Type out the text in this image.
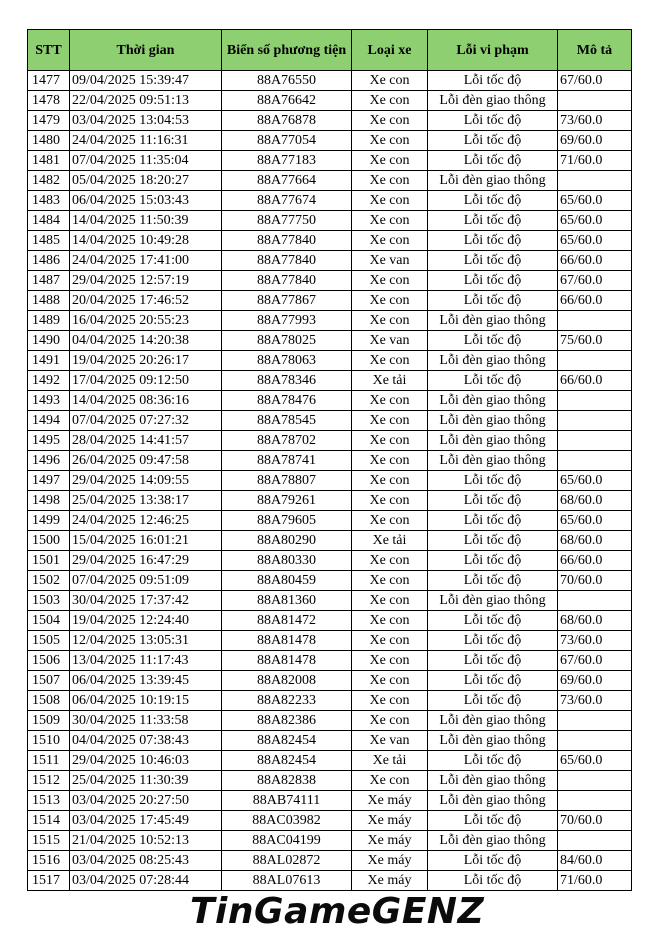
STT	Thời gian	Biển số phương tiện	Loại xe	Lỗi vi phạm	Mô tả
1477	09/04/2025 15:39:47	88A76550	Xe con	Lỗi tốc độ	67/60.0
1478	22/04/2025 09:51:13	88A76642	Xe con	Lỗi đèn giao thông	
1479	03/04/2025 13:04:53	88A76878	Xe con	Lỗi tốc độ	73/60.0
1480	24/04/2025 11:16:31	88A77054	Xe con	Lỗi tốc độ	69/60.0
1481	07/04/2025 11:35:04	88A77183	Xe con	Lỗi tốc độ	71/60.0
1482	05/04/2025 18:20:27	88A77664	Xe con	Lỗi đèn giao thông	
1483	06/04/2025 15:03:43	88A77674	Xe con	Lỗi tốc độ	65/60.0
1484	14/04/2025 11:50:39	88A77750	Xe con	Lỗi tốc độ	65/60.0
1485	14/04/2025 10:49:28	88A77840	Xe con	Lỗi tốc độ	65/60.0
1486	24/04/2025 17:41:00	88A77840	Xe van	Lỗi tốc độ	66/60.0
1487	29/04/2025 12:57:19	88A77840	Xe con	Lỗi tốc độ	67/60.0
1488	20/04/2025 17:46:52	88A77867	Xe con	Lỗi tốc độ	66/60.0
1489	16/04/2025 20:55:23	88A77993	Xe con	Lỗi đèn giao thông	
1490	04/04/2025 14:20:38	88A78025	Xe van	Lỗi tốc độ	75/60.0
1491	19/04/2025 20:26:17	88A78063	Xe con	Lỗi đèn giao thông	
1492	17/04/2025 09:12:50	88A78346	Xe tải	Lỗi tốc độ	66/60.0
1493	14/04/2025 08:36:16	88A78476	Xe con	Lỗi đèn giao thông	
1494	07/04/2025 07:27:32	88A78545	Xe con	Lỗi đèn giao thông	
1495	28/04/2025 14:41:57	88A78702	Xe con	Lỗi đèn giao thông	
1496	26/04/2025 09:47:58	88A78741	Xe con	Lỗi đèn giao thông	
1497	29/04/2025 14:09:55	88A78807	Xe con	Lỗi tốc độ	65/60.0
1498	25/04/2025 13:38:17	88A79261	Xe con	Lỗi tốc độ	68/60.0
1499	24/04/2025 12:46:25	88A79605	Xe con	Lỗi tốc độ	65/60.0
1500	15/04/2025 16:01:21	88A80290	Xe tải	Lỗi tốc độ	68/60.0
1501	29/04/2025 16:47:29	88A80330	Xe con	Lỗi tốc độ	66/60.0
1502	07/04/2025 09:51:09	88A80459	Xe con	Lỗi tốc độ	70/60.0
1503	30/04/2025 17:37:42	88A81360	Xe con	Lỗi đèn giao thông	
1504	19/04/2025 12:24:40	88A81472	Xe con	Lỗi tốc độ	68/60.0
1505	12/04/2025 13:05:31	88A81478	Xe con	Lỗi tốc độ	73/60.0
1506	13/04/2025 11:17:43	88A81478	Xe con	Lỗi tốc độ	67/60.0
1507	06/04/2025 13:39:45	88A82008	Xe con	Lỗi tốc độ	69/60.0
1508	06/04/2025 10:19:15	88A82233	Xe con	Lỗi tốc độ	73/60.0
1509	30/04/2025 11:33:58	88A82386	Xe con	Lỗi đèn giao thông	
1510	04/04/2025 07:38:43	88A82454	Xe van	Lỗi đèn giao thông	
1511	29/04/2025 10:46:03	88A82454	Xe tải	Lỗi tốc độ	65/60.0
1512	25/04/2025 11:30:39	88A82838	Xe con	Lỗi đèn giao thông	
1513	03/04/2025 20:27:50	88AB74111	Xe máy	Lỗi đèn giao thông	
1514	03/04/2025 17:45:49	88AC03982	Xe máy	Lỗi tốc độ	70/60.0
1515	21/04/2025 10:52:13	88AC04199	Xe máy	Lỗi đèn giao thông	
1516	03/04/2025 08:25:43	88AL02872	Xe máy	Lỗi tốc độ	84/60.0
1517	03/04/2025 07:28:44	88AL07613	Xe máy	Lỗi tốc độ	71/60.0
TinGameGENZ
